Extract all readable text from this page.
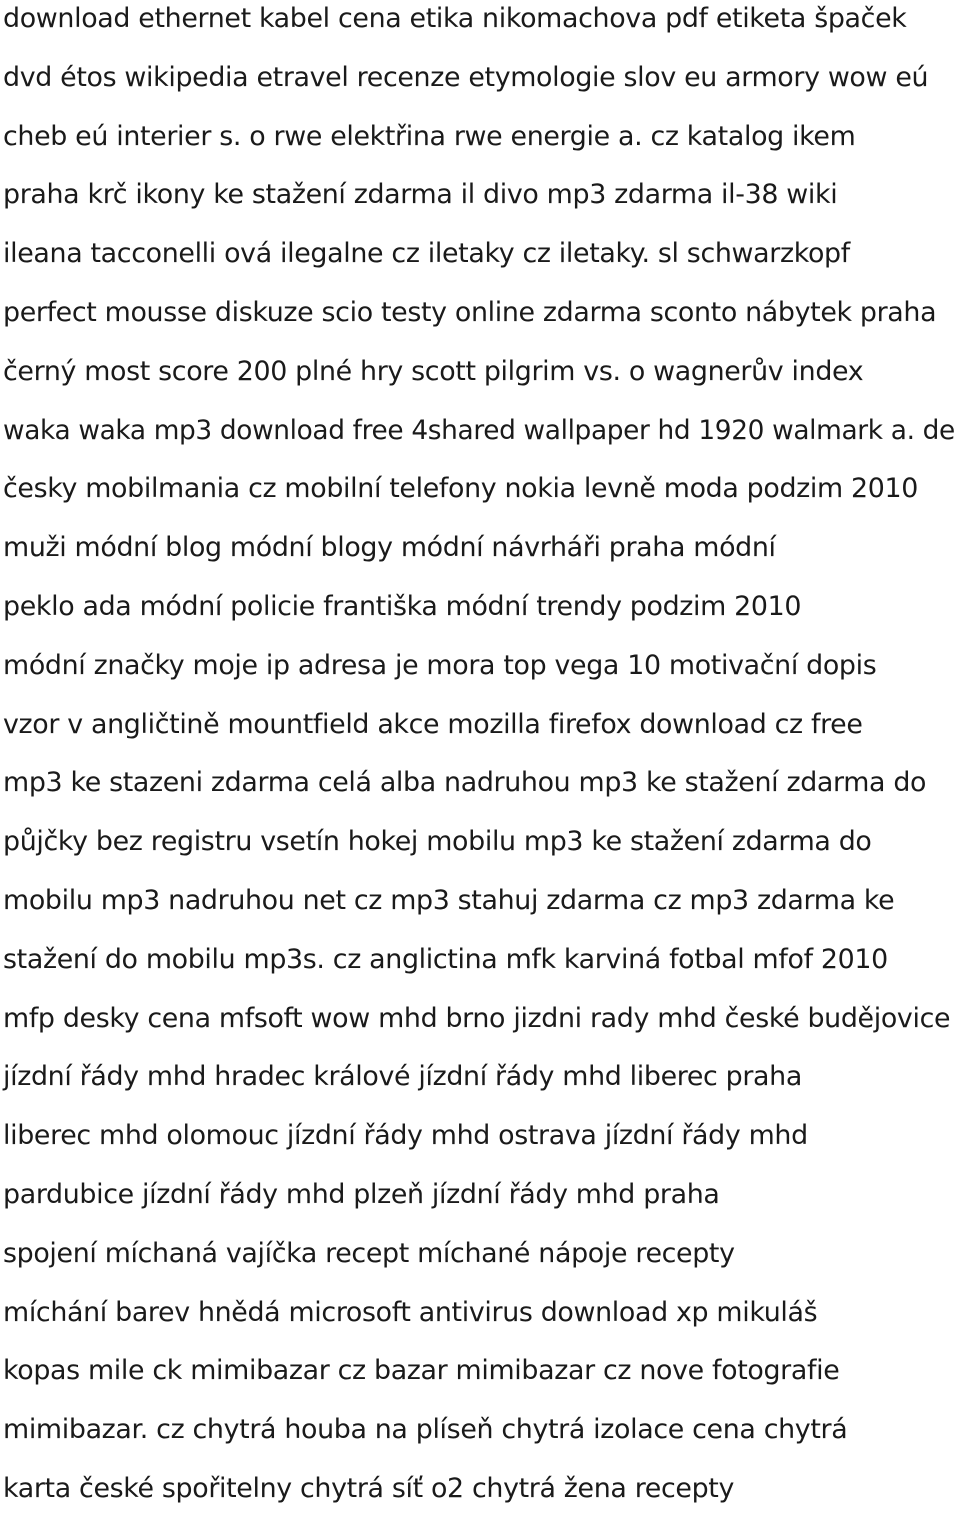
download ethernet kabel cena etika nikomachova pdf etiketa špaček
dvd étos wikipedia etravel recenze etymologie slov eu armory wow eú
cheb eú interier s. o rwe elektřina rwe energie a. cz katalog ikem
praha krč ikony ke stažení zdarma il divo mp3 zdarma il-38 wiki
ileana tacconelli ová ilegalne cz iletaky cz iletaky. sl schwarzkopf
perfect mousse diskuze scio testy online zdarma sconto nábytek praha
černý most score 200 plné hry scott pilgrim vs. o wagnerův index
waka waka mp3 download free 4shared wallpaper hd 1920 walmark a. de
česky mobilmania cz mobilní telefony nokia levně moda podzim 2010
muži módní blog módní blogy módní návrháři praha módní
peklo ada módní policie františka módní trendy podzim 2010
módní značky moje ip adresa je mora top vega 10 motivační dopis
vzor v angličtině mountfield akce mozilla firefox download cz free
mp3 ke stazeni zdarma celá alba nadruhou mp3 ke stažení zdarma do
půjčky bez registru vsetín hokej mobilu mp3 ke stažení zdarma do
mobilu mp3 nadruhou net cz mp3 stahuj zdarma cz mp3 zdarma ke
stažení do mobilu mp3s. cz anglictina mfk karviná fotbal mfof 2010
mfp desky cena mfsoft wow mhd brno jizdni rady mhd české budějovice
jízdní řády mhd hradec králové jízdní řády mhd liberec praha
liberec mhd olomouc jízdní řády mhd ostrava jízdní řády mhd
pardubice jízdní řády mhd plzeň jízdní řády mhd praha
spojení míchaná vajíčka recept míchané nápoje recepty
míchání barev hnědá microsoft antivirus download xp mikuláš
kopas mile ck mimibazar cz bazar mimibazar cz nove fotografie
mimibazar. cz chytrá houba na plíseň chytrá izolace cena chytrá
karta české spořitelny chytrá síť o2 chytrá žena recepty
